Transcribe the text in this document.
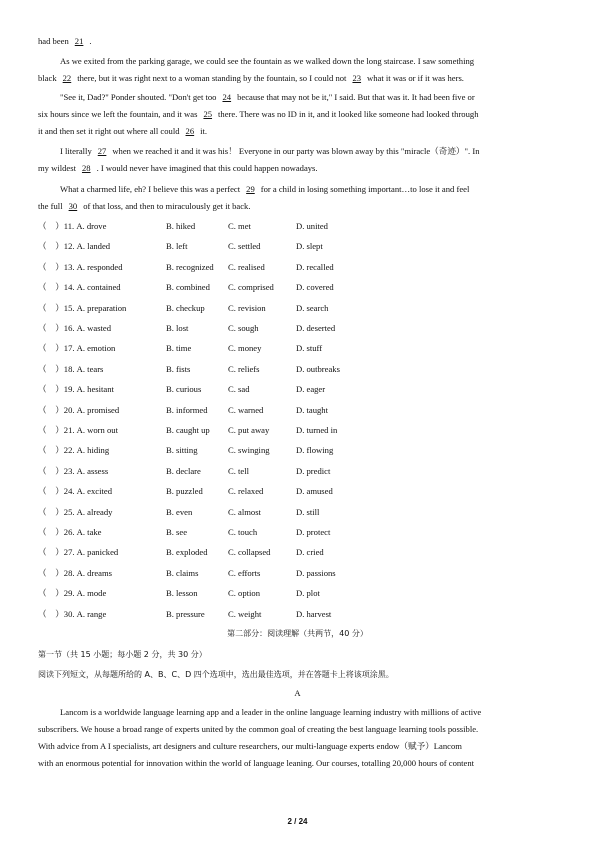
had been 21 .
As we exited from the parking garage, we could see the fountain as we walked down the long staircase. I saw something
black 22 there, but it was right next to a woman standing by the fountain, so I could not 23 what it was or if it was hers.
"See it, Dad?" Ponder shouted. "Don't get too 24 because that may not be it," I said. But that was it. It had been five or
six hours since we left the fountain, and it was 25 there. There was no ID in it, and it looked like someone had looked through
it and then set it right out where all could 26 it.
I literally 27 when we reached it and it was his！ Everyone in our party was blown away by this "miracle（奇迹）". In
my wildest 28 . I would never have imagined that this could happen nowadays.
What a charmed life, eh? I believe this was a perfect 29 for a child in losing something important…to lose it and feel
the full 30 of that loss, and then to miraculously get it back.
（　）11. A. drove	B. hiked	C. met	D. united
（　）12. A. landed	B. left	C. settled	D. slept
（　）13. A. responded	B. recognized C. realised	D. recalled
（　）14. A. contained	B. combined C. comprised	D. covered
（　）15. A. preparation	B. checkup	C. revision	D. search
（　）16. A. wasted	B. lost	C. sough	D. deserted
（　）17. A. emotion	B. time	C. money	D. stuff
（　）18. A. tears	B. fists	C. reliefs	D. outbreaks
（　）19. A. hesitant	B. curious	C. sad	D. eager
（　）20. A. promised	B. informed C. warned	D. taught
（　）21. A. worn out	B. caught up C. put away	D. turned in
（　）22. A. hiding	B. sitting	C. swinging	D. flowing
（　）23. A. assess	B. declare	C. tell	D. predict
（　）24. A. excited	B. puzzled	C. relaxed	D. amused
（　）25. A. already	B. even	C. almost	D. still
（　）26. A. take	B. see	C. touch	D. protect
（　）27. A. panicked	B. exploded C. collapsed	D. cried
（　）28. A. dreams	B. claims	C. efforts	D. passions
（　）29. A. mode	B. lesson	C. option	D. plot
（　）30. A. range	B. pressure	C. weight	D. harvest
第二部分：阅读理解（共两节，40 分）
第一节（共 15 小题；每小题 2 分，共 30 分）
阅读下列短文，从每题所给的 A、B、C、D 四个选项中，选出最佳选项，并在答题卡上将该项涂黑。
A
Lancom is a worldwide language learning app and a leader in the online language learning industry with millions of active
subscribers. We house a broad range of experts united by the common goal of creating the best language learning tools possible.
With advice from A I specialists, art designers and culture researchers, our multi-language experts endow（赋予）Lancom
with an enormous potential for innovation within the world of language leaning. Our courses, totalling 20,000 hours of content
2 / 24
